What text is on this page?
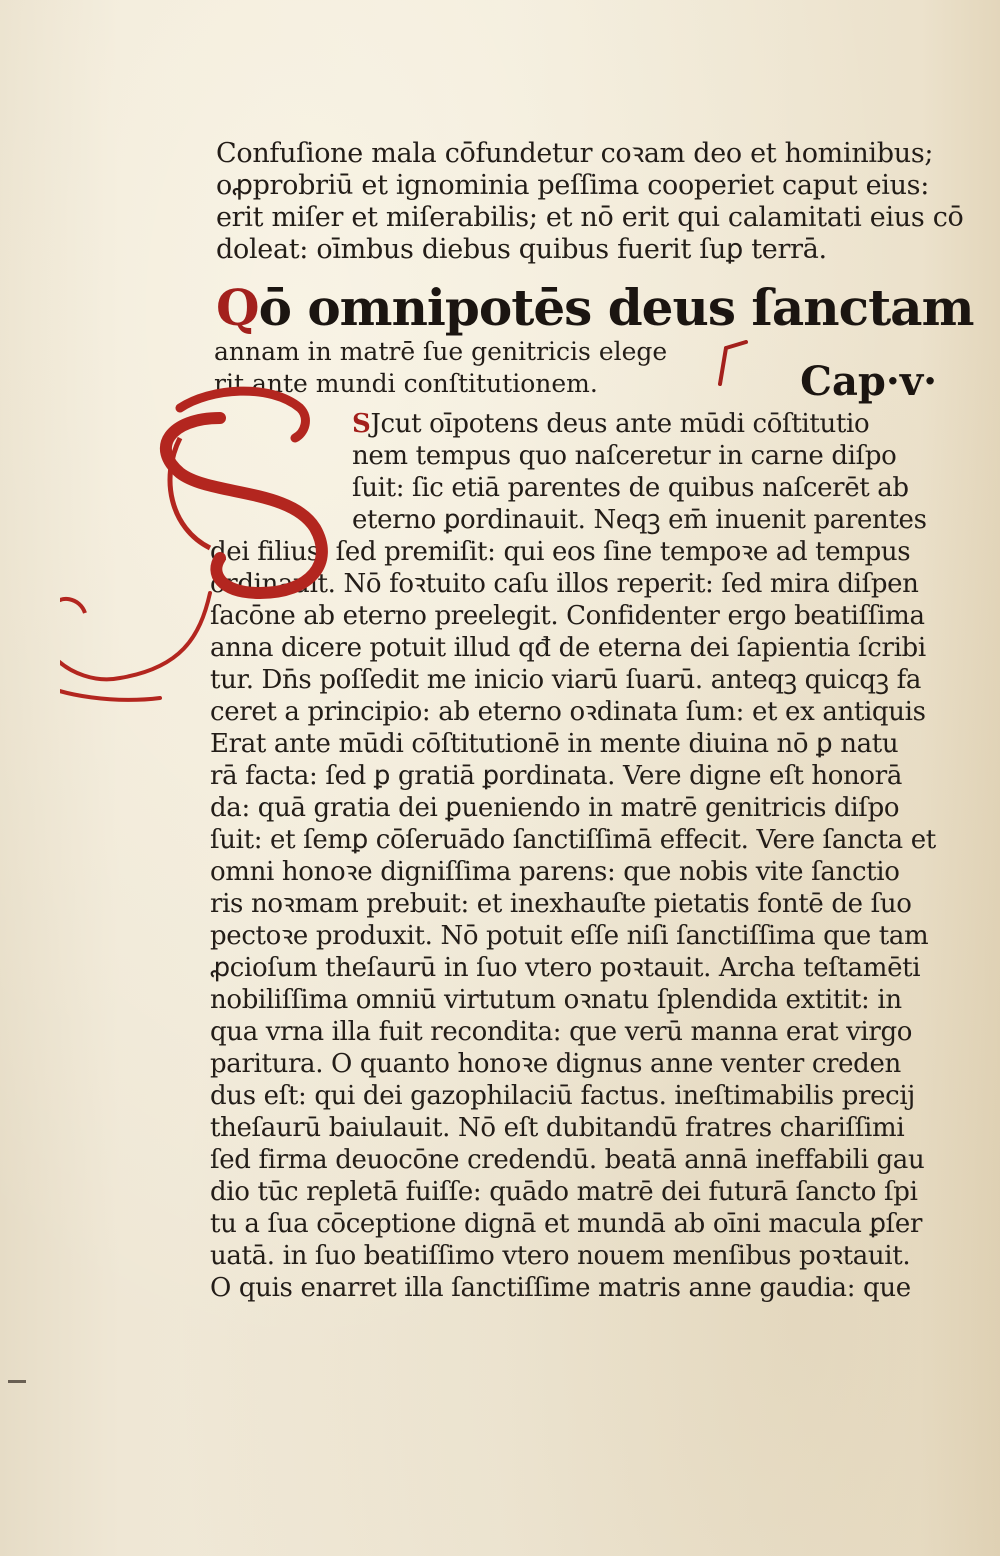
Confuſione mala cōfundetur coꝛam deo et hominibus;

oꝓprobriū et ignominia peſſima cooperiet caput eius:

erit miſer et miſerabilis; et nō erit qui calamitati eius cō

doleat: oīmbus diebus quibus fuerit ſuꝑ terrā.

Qō omnipotēs deus ſanctam
annam in matrē ſue genitricis elege
rit ante mundi conſtitutionem.	Cap·v·
SJcut oīpotens deus ante mūdi cōſtitutio
nem tempus quo naſceretur in carne diſpo
ſuit: ſic etiā parentes de quibus naſcerēt ab
eterno ꝑordinauit. Neqꝫ em̄ inuenit parentes
dei filius. ſed premiſit: qui eos ſine tempoꝛe ad tempus
ordinauit. Nō foꝛtuito caſu illos reperit: ſed mira diſpen
ſacōne ab eterno preelegit. Confidenter ergo beatiſſima
anna dicere potuit illud qđ de eterna dei ſapientia ſcribi
tur. Dn̄s poſſedit me inicio viarū ſuarū. anteqꝫ quicqꝫ fa
ceret a principio: ab eterno oꝛdinata ſum: et ex antiquis
Erat ante mūdi cōſtitutionē in mente diuina nō ꝑ natu
rā facta: ſed ꝑ gratiā ꝑordinata. Vere digne eſt honorā
da: quā gratia dei ꝑueniendo in matrē genitricis diſpo
ſuit: et ſemꝑ cōſeruādo ſanctiſſimā effecit. Vere ſancta et
omni honoꝛe digniſſima parens: que nobis vite ſanctio
ris noꝛmam prebuit: et inexhauſte pietatis fontē de ſuo
pectoꝛe produxit. Nō potuit eſſe niſi ſanctiſſima que tam
ꝓcioſum theſaurū in ſuo vtero poꝛtauit. Archa teſtamēti
nobiliſſima omniū virtutum oꝛnatu ſplendida extitit: in
qua vrna illa fuit recondita: que verū manna erat virgo
paritura. O quanto honoꝛe dignus anne venter creden
dus eſt: qui dei gazophilaciū factus. ineſtimabilis precij
theſaurū baiulauit. Nō eſt dubitandū fratres chariſſimi
ſed firma deuocōne credendū. beatā annā ineffabili gau
dio tūc repletā fuiſſe: quādo matrē dei futurā ſancto ſpi
tu a ſua cōceptione dignā et mundā ab oīni macula ꝑſer
uatā. in ſuo beatiſſimo vtero nouem menſibus poꝛtauit.
O quis enarret illa ſanctiſſime matris anne gaudia: que
